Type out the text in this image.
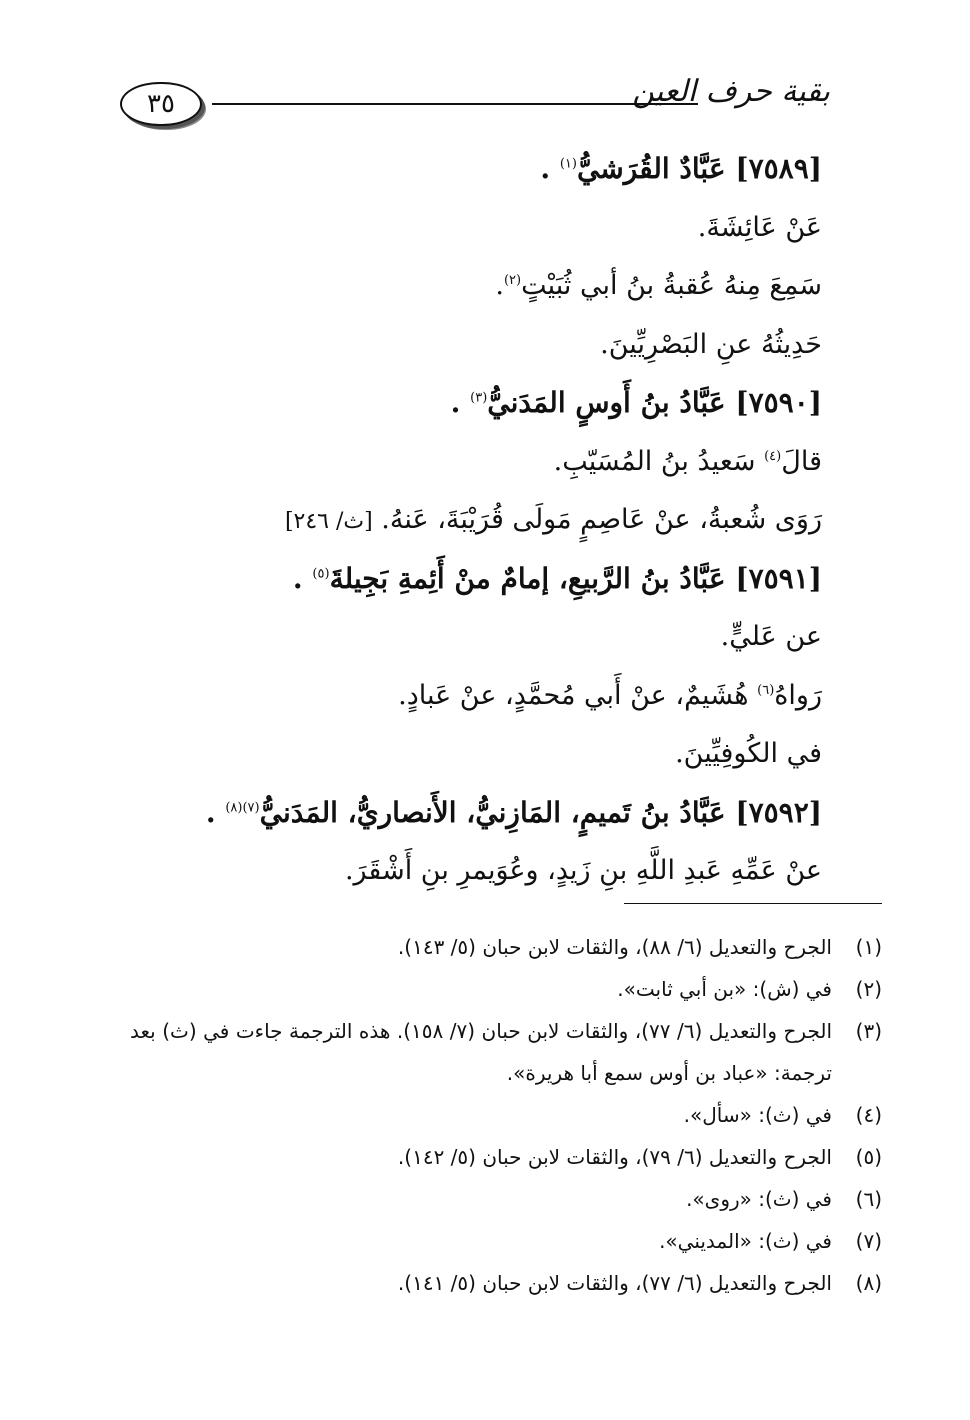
٣٥	بقية حرف العين
[٧٥٨٩] عَبَّادٌ القُرَشيُّ$^{(١)}$ .
عَنْ عَائِشَةَ.
سَمِعَ مِنهُ عُقبةُ بنُ أبي ثُبَيْتٍ$^{(٢)}$.
حَدِيثُهُ عنِ البَصْرِيِّينَ.
[٧٥٩٠] عَبَّادُ بنُ أَوسٍ المَدَنيُّ$^{(٣)}$ .
قالَ$^{(٤)}$ سَعيدُ بنُ المُسَيّبِ.
رَوَى شُعبةُ، عنْ عَاصِمٍ مَولَى قُرَيْبَةَ، عَنهُ. [ث/ ٢٤٦]
[٧٥٩١] عَبَّادُ بنُ الرَّبيعِ، إمامٌ منْ أَئِمةِ بَجِيلةَ$^{(٥)}$ .
عن عَليٍّ.
رَواهُ$^{(٦)}$ هُشَيمٌ، عنْ أَبي مُحمَّدٍ، عنْ عَبادٍ.
في الكُوفِيِّينَ.
[٧٥٩٢] عَبَّادُ بنُ تَميمٍ، المَازِنيُّ، الأَنصاريُّ، المَدَنيُّ$^{(٧)(٨)}$ .
عنْ عَمِّهِ عَبدِ اللَّهِ بنِ زَيدٍ، وعُوَيمرِ بنِ أَشْقَرَ.
(١)
الجرح والتعديل (٦/ ٨٨)، والثقات لابن حبان (٥/ ١٤٣).
(٢)
في (ش): «بن أبي ثابت».
(٣)
الجرح والتعديل (٦/ ٧٧)، والثقات لابن حبان (٧/ ١٥٨). هذه الترجمة جاءت في (ث) بعد ترجمة: «عباد بن أوس سمع أبا هريرة».
(٤)
في (ث): «سأل».
(٥)
الجرح والتعديل (٦/ ٧٩)، والثقات لابن حبان (٥/ ١٤٢).
(٦)
في (ث): «روى».
(٧)
في (ث): «المديني».
(٨)
الجرح والتعديل (٦/ ٧٧)، والثقات لابن حبان (٥/ ١٤١).
